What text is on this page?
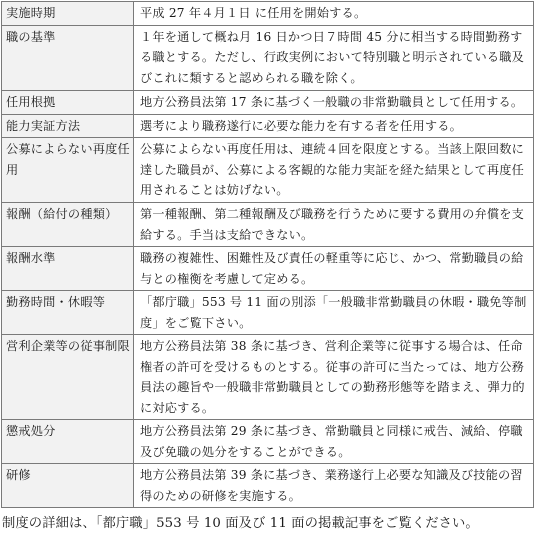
実施時期	平成 27 年４月１日 に任用を開始する。
職の基準	１年を通して概ね月 16 日かつ日７時間 45 分に相当する時間勤務する職とする。ただし、行政実例において特別職と明示されている職及びこれに類すると認められる職を除く。
任用根拠	地方公務員法第 17 条に基づく一般職の非常勤職員として任用する。
能力実証方法	選考により職務遂行に必要な能力を有する者を任用する。
公募によらない再度任用	公募によらない再度任用は、連続４回を限度とする。当該上限回数に達した職員が、公募による客観的な能力実証を経た結果として再度任用されることは妨げない。
報酬（給付の種類）	第一種報酬、第二種報酬及び職務を行うために要する費用の弁償を支給する。手当は支給できない。
報酬水準	職務の複雑性、困難性及び責任の軽重等に応じ、かつ、常勤職員の給与との権衡を考慮して定める。
勤務時間・休暇等	「都庁職」553 号 11 面の別添「一般職非常勤職員の休暇・職免等制度」をご覧下さい。
営利企業等の従事制限	地方公務員法第 38 条に基づき、営利企業等に従事する場合は、任命権者の許可を受けるものとする。従事の許可に当たっては、地方公務員法の趣旨や一般職非常勤職員としての勤務形態等を踏まえ、弾力的に対応する。
懲戒処分	地方公務員法第 29 条に基づき、常勤職員と同様に戒告、減給、停職及び免職の処分をすることができる。
研修	地方公務員法第 39 条に基づき、業務遂行上必要な知識及び技能の習得のための研修を実施する。
制度の詳細は、「都庁職」553 号 10 面及び 11 面の掲載記事をご覧ください。
